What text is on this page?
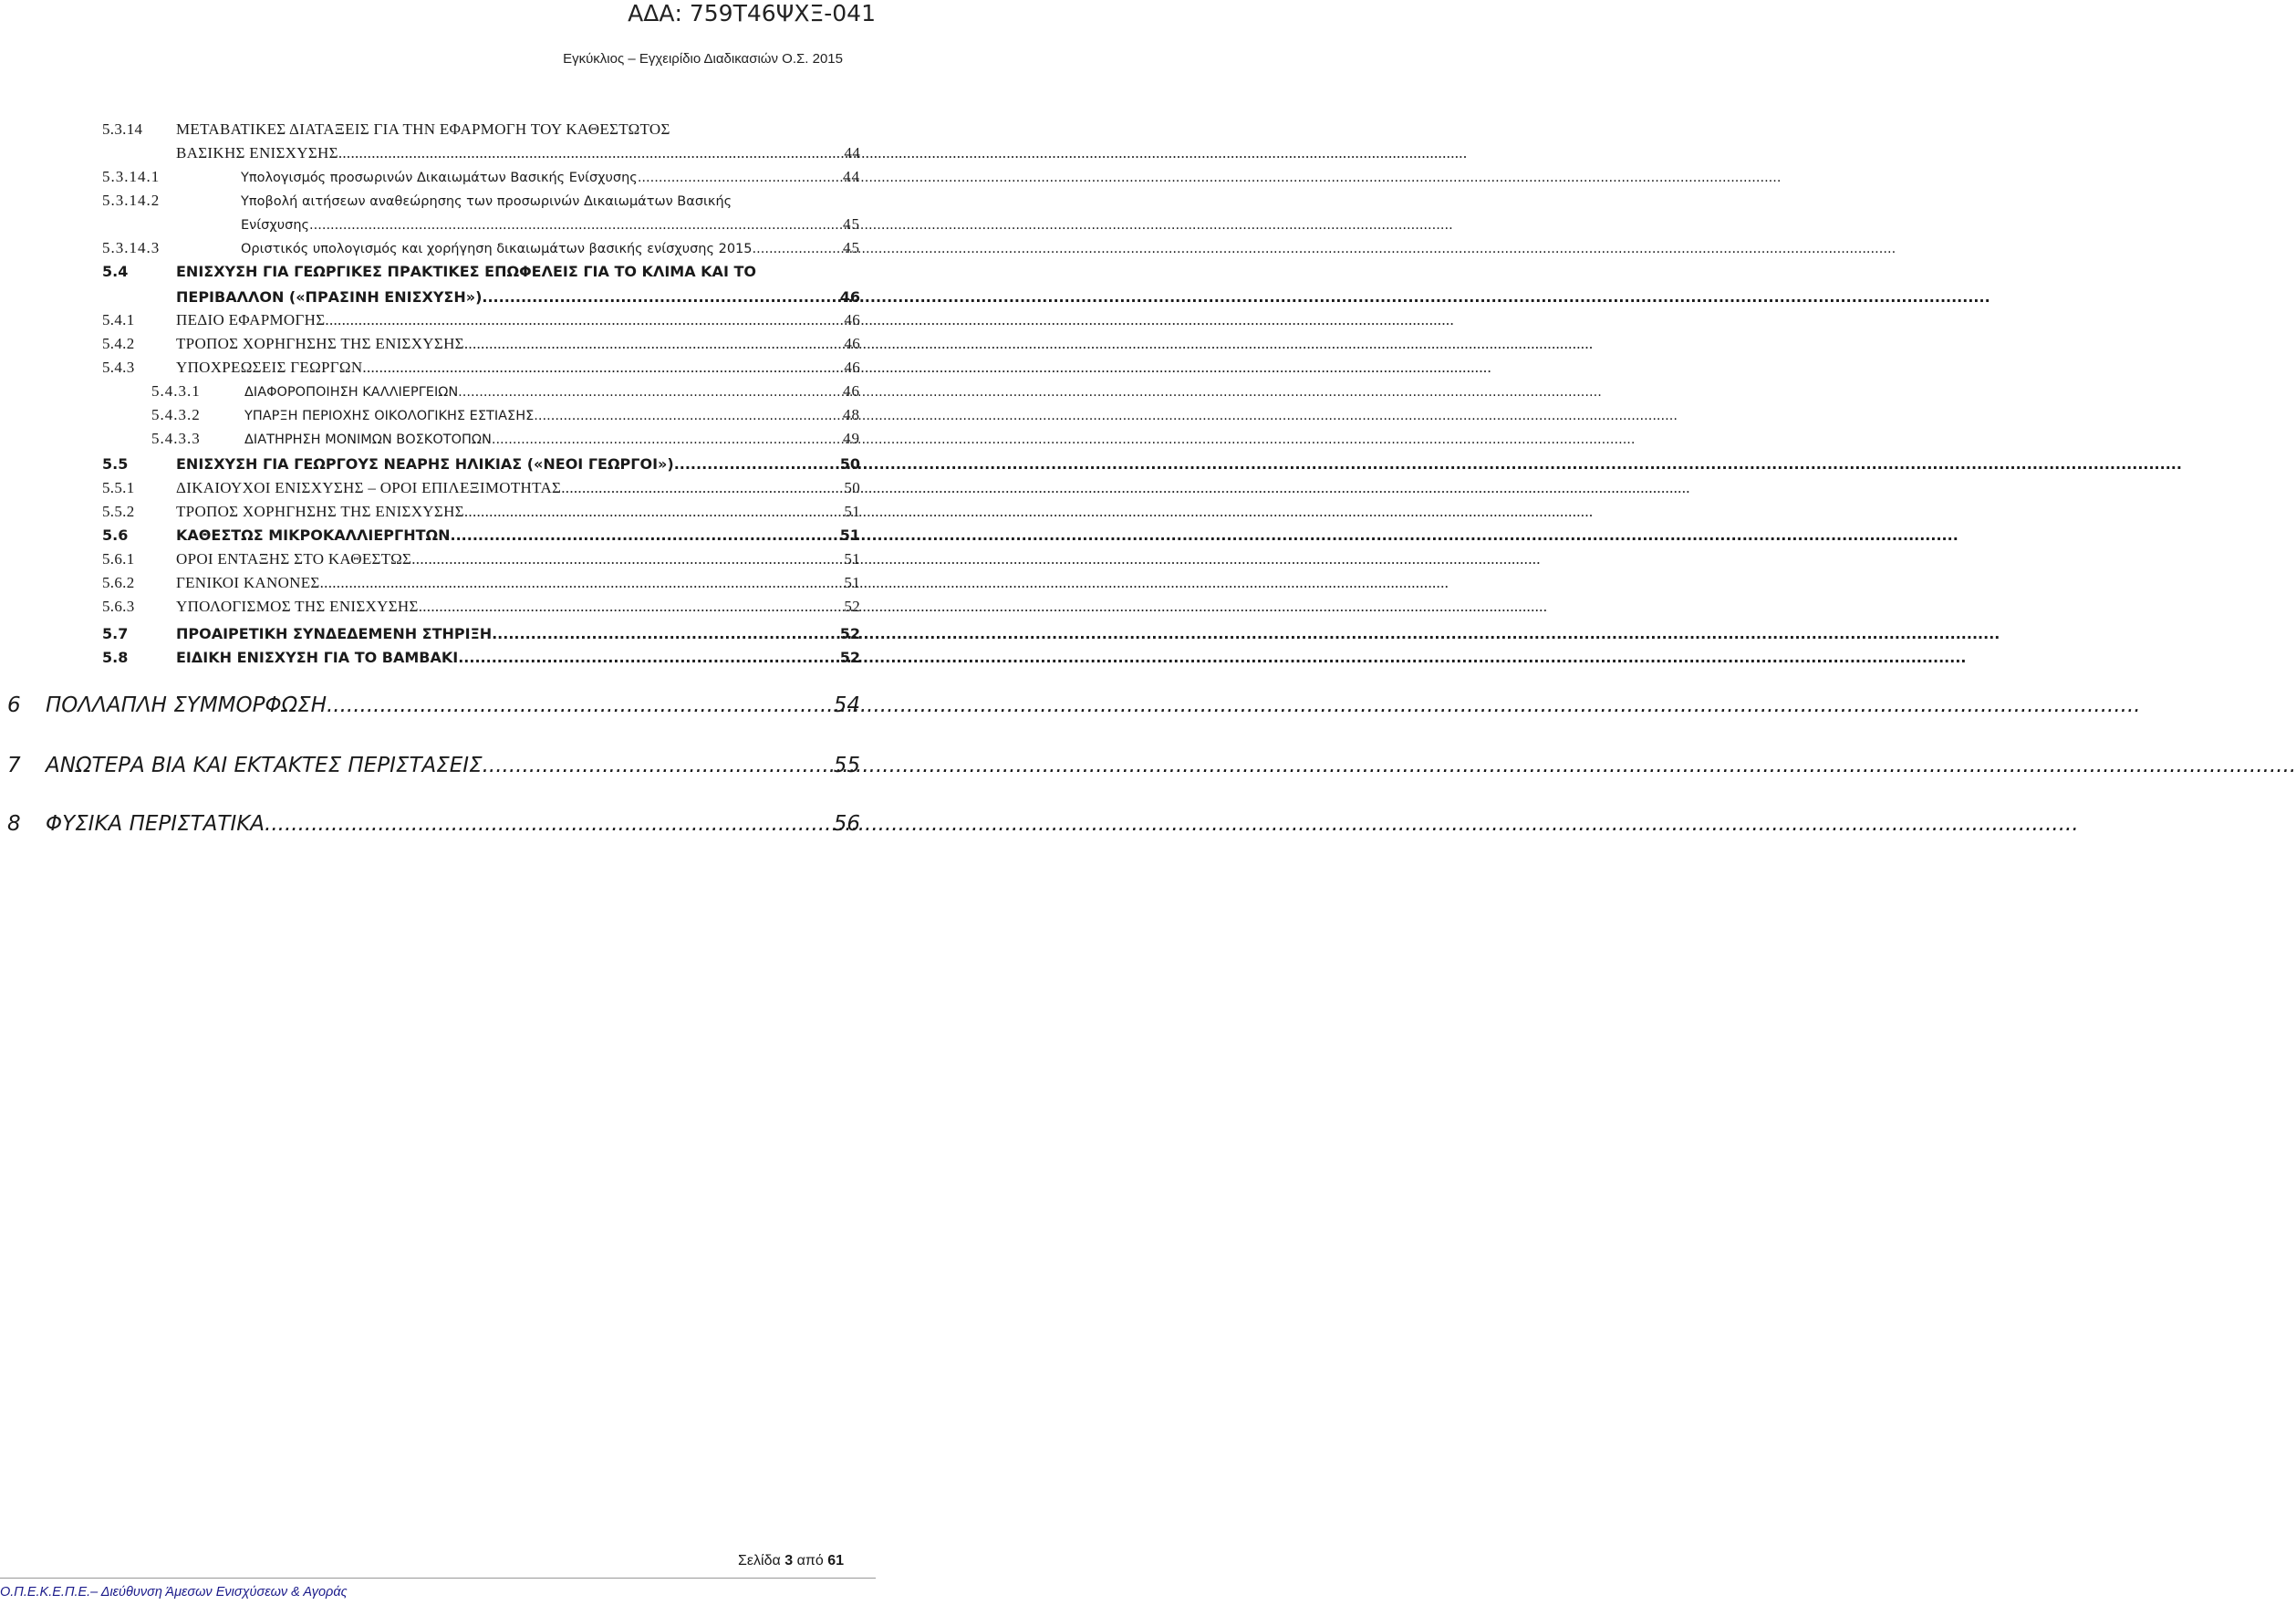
ΑΔΑ: 759Τ46ΨΧΞ-041
Εγκύκλιος – Εγχειρίδιο Διαδικασιών Ο.Σ. 2015
5.3.14	ΜΕΤΑΒΑΤΙΚΕΣ ΔΙΑΤΑΞΕΙΣ ΓΙΑ ΤΗΝ ΕΦΑΡΜΟΓΗ ΤΟΥ ΚΑΘΕΣΤΩΤΟΣ
ΒΑΣΙΚΗΣ ΕΝΙΣΧΥΣΗΣ .....	44
5.3.14.1	Υπολογισμός προσωρινών Δικαιωμάτων Βασικής Ενίσχυσης .....	44
5.3.14.2	Υποβολή αιτήσεων αναθεώρησης των προσωρινών Δικαιωμάτων Βασικής
Ενίσχυσης .....	45
5.3.14.3	Οριστικός υπολογισμός και χορήγηση δικαιωμάτων βασικής ενίσχυσης 2015 .....	45
5.4	ΕΝΙΣΧΥΣΗ ΓΙΑ ΓΕΩΡΓΙΚΕΣ ΠΡΑΚΤΙΚΕΣ ΕΠΩΦΕΛΕΙΣ ΓΙΑ ΤΟ ΚΛΙΜΑ ΚΑΙ ΤΟ
ΠΕΡΙΒΑΛΛΟΝ («ΠΡΑΣΙΝΗ ΕΝΙΣΧΥΣΗ») .....	46
5.4.1	ΠΕΔΙΟ ΕΦΑΡΜΟΓΗΣ .....	46
5.4.2	ΤΡΟΠΟΣ ΧΟΡΗΓΗΣΗΣ ΤΗΣ ΕΝΙΣΧΥΣΗΣ .....	46
5.4.3	ΥΠΟΧΡΕΩΣΕΙΣ ΓΕΩΡΓΩΝ .....	46
5.4.3.1	ΔΙΑΦΟΡΟΠΟΙΗΣΗ ΚΑΛΛΙΕΡΓΕΙΩΝ .....	46
5.4.3.2	ΥΠΑΡΞΗ ΠΕΡΙΟΧΗΣ ΟΙΚΟΛΟΓΙΚΗΣ ΕΣΤΙΑΣΗΣ .....	48
5.4.3.3	ΔΙΑΤΗΡΗΣΗ ΜΟΝΙΜΩΝ ΒΟΣΚΟΤΟΠΩΝ .....	49
5.5	ΕΝΙΣΧΥΣΗ ΓΙΑ ΓΕΩΡΓΟΥΣ ΝΕΑΡΗΣ ΗΛΙΚΙΑΣ («ΝΕΟΙ ΓΕΩΡΓΟΙ») .....	50
5.5.1	ΔΙΚΑΙΟΥΧΟΙ ΕΝΙΣΧΥΣΗΣ – ΟΡΟΙ ΕΠΙΛΕΞΙΜΟΤΗΤΑΣ .....	50
5.5.2	ΤΡΟΠΟΣ ΧΟΡΗΓΗΣΗΣ ΤΗΣ ΕΝΙΣΧΥΣΗΣ .....	51
5.6	ΚΑΘΕΣΤΩΣ ΜΙΚΡΟΚΑΛΛΙΕΡΓΗΤΩΝ .....	51
5.6.1	ΟΡΟΙ ΕΝΤΑΞΗΣ ΣΤΟ ΚΑΘΕΣΤΩΣ .....	51
5.6.2	ΓΕΝΙΚΟΙ ΚΑΝΟΝΕΣ .....	51
5.6.3	ΥΠΟΛΟΓΙΣΜΟΣ ΤΗΣ ΕΝΙΣΧΥΣΗΣ .....	52
5.7	ΠΡΟΑΙΡΕΤΙΚΗ ΣΥΝΔΕΔΕΜΕΝΗ ΣΤΗΡΙΞΗ .....	52
5.8	ΕΙΔΙΚΗ ΕΝΙΣΧΥΣΗ ΓΙΑ ΤΟ ΒΑΜΒΑΚΙ .....	52
6	ΠΟΛΛΑΠΛΗ ΣΥΜΜΟΡΦΩΣΗ .....	54
7	ΑΝΩΤΕΡΑ ΒΙΑ ΚΑΙ ΕΚΤΑΚΤΕΣ ΠΕΡΙΣΤΑΣΕΙΣ .....	55
8	ΦΥΣΙΚΑ ΠΕΡΙΣΤΑΤΙΚΑ .....	56
Σελίδα 3 από 61
Ο.Π.Ε.Κ.Ε.Π.Ε.– Διεύθυνση Άμεσων Ενισχύσεων & Αγοράς
